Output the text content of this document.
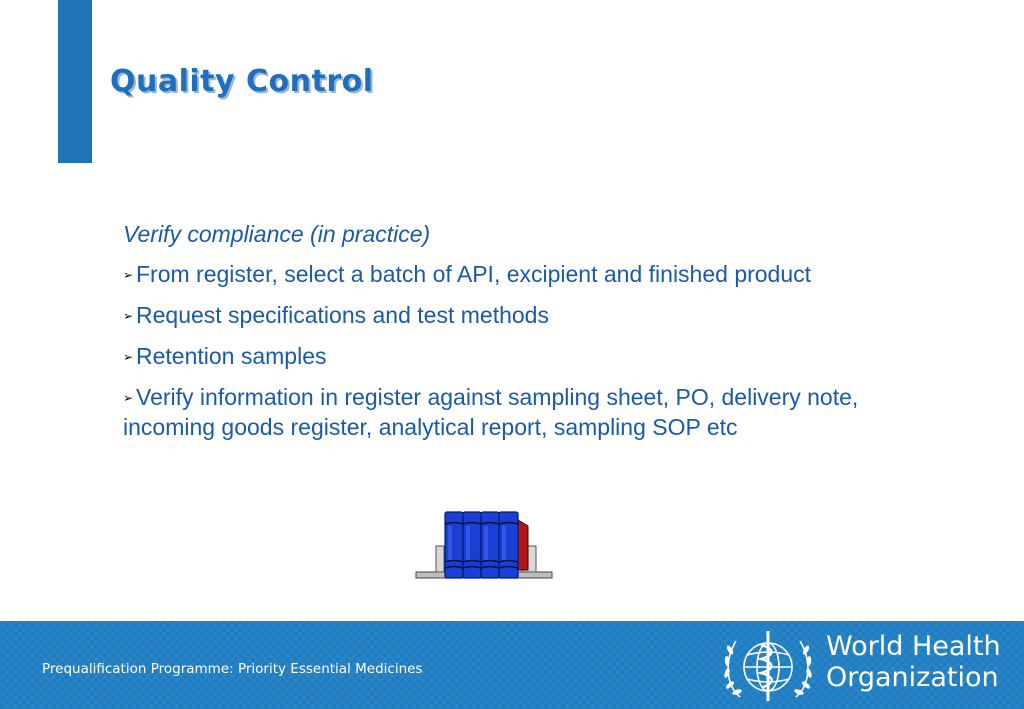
Quality Control

Verify compliance (in practice)

➢ From register, select a batch of API, excipient and finished product
➢ Request specifications and test methods
➢ Retention samples
➢ Verify information in register against sampling sheet, PO, delivery note, incoming goods register, analytical report, sampling SOP etc
Prequalification Programme: Priority Essential Medicines
World Health
Organization
